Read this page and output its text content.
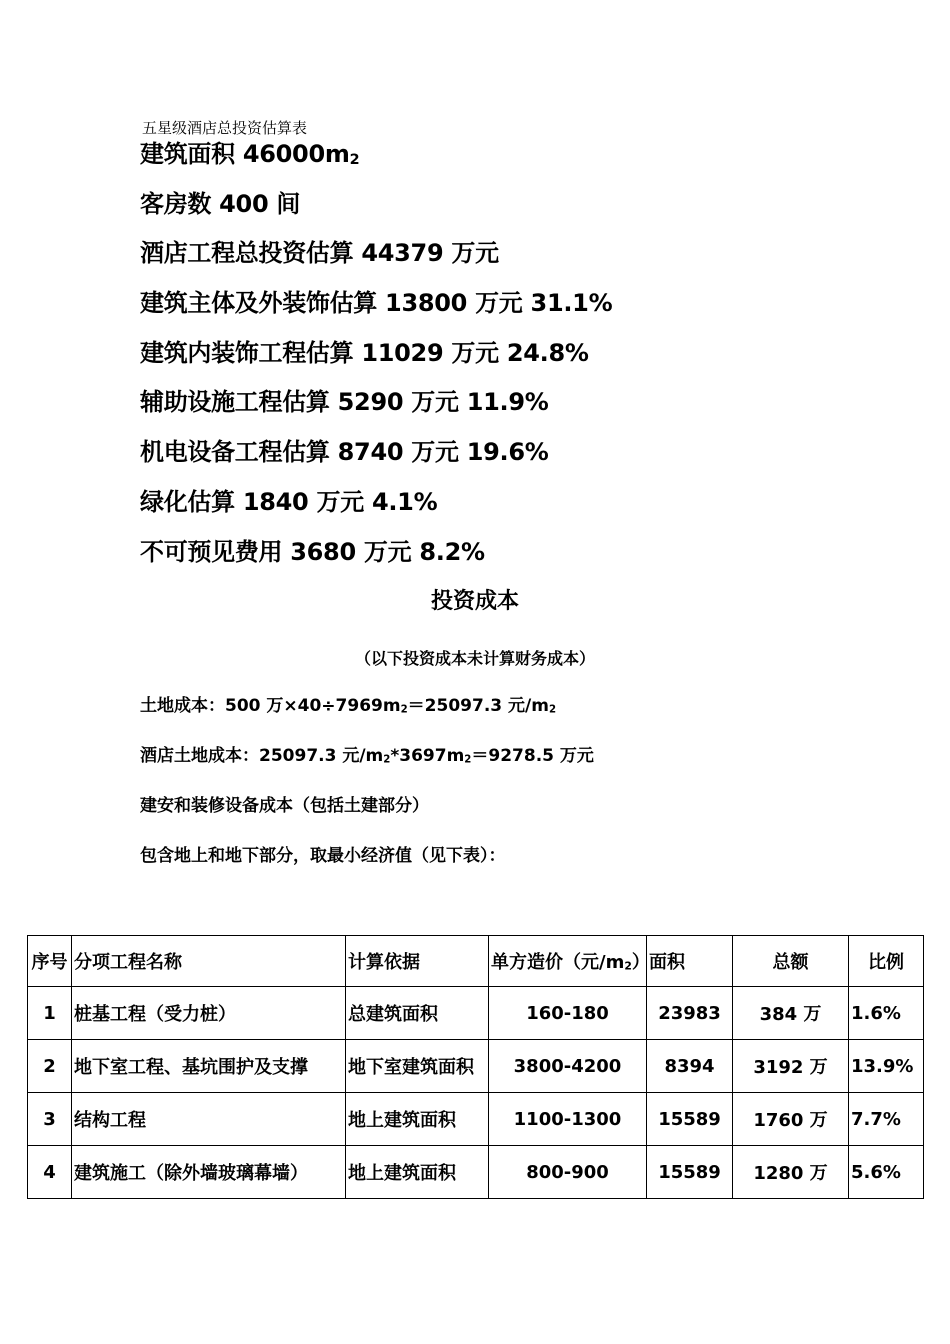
五星级酒店总投资估算表
建筑面积 $46000m_2$
客房数 400 间
酒店工程总投资估算 44379 万元
建筑主体及外装饰估算 13800 万元 31.1%
建筑内装饰工程估算 11029 万元 24.8%
辅助设施工程估算 5290 万元 11.9%
机电设备工程估算 8740 万元 19.6%
绿化估算 1840 万元 4.1%
不可预见费用 3680 万元 8.2%
投资成本
（以下投资成本未计算财务成本）
土地成本：500 万$\times 40\div 7969m_2=25097.3$ 元$/m_2$
酒店土地成本：25097.3 元$/m_2*3697m_2=9278.5$ 万元
建安和装修设备成本（包括土建部分）
包含地上和地下部分，取最小经济值（见下表）：
序号	分项工程名称	计算依据	单方造价（元$/m_2$）	面积	总额	比例
1	桩基工程（受力桩）	总建筑面积	160-180	23983	384 万	1.6%
2	地下室工程、基坑围护及支撑	地下室建筑面积	3800-4200	8394	3192 万	13.9%
3	结构工程	地上建筑面积	1100-1300	15589	1760 万	7.7%
4	建筑施工（除外墙玻璃幕墙）	地上建筑面积	800-900	15589	1280 万	5.6%
